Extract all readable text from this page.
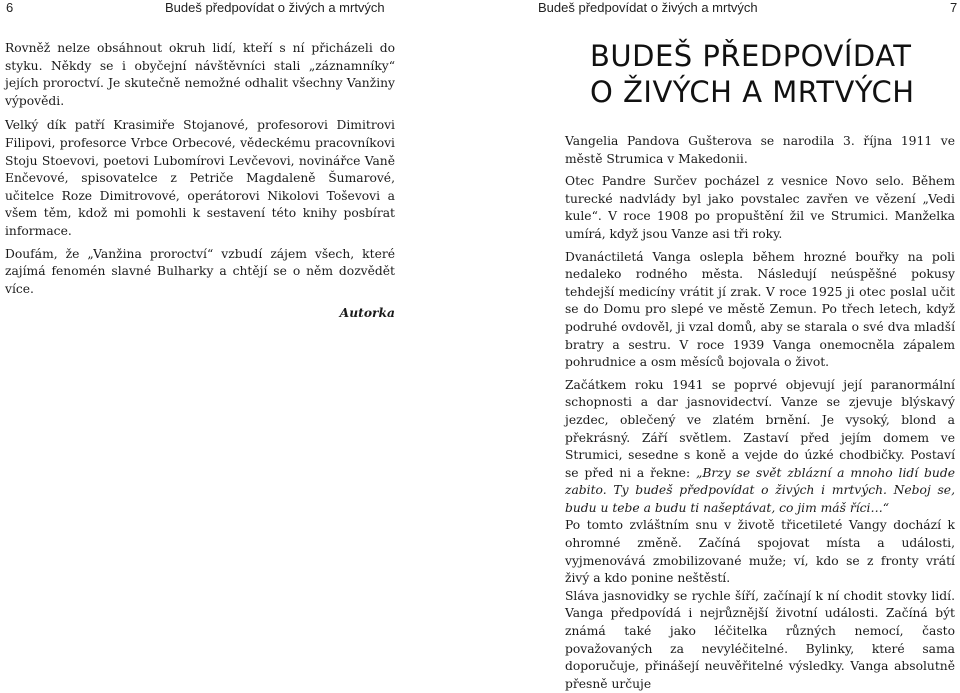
6	Budeš předpovídat o živých a mrtvých

Rovněž nelze obsáhnout okruh lidí, kteří s ní přicházeli do styku. Někdy se i obyčejní návštěvníci stali „záznamníky“ jejích proroctví. Je skutečně nemožné odhalit všechny Vanžiny výpovědi.

Velký dík patří Krasimiře Stojanové, profesorovi Dimitrovi Filipovi, profesorce Vrbce Orbecové, vědeckému pracovníkovi Stoju Stoevovi, poetovi Lubomírovi Levčevovi, novinářce Vaně Enčevové, spisovatelce z Petriče Magdaleně Šumarové, učitelce Roze Dimitrovové, operátorovi Nikolovi Toševovi a všem těm, kdož mi pomohli k sestavení této knihy posbírat informace.

Doufám, že „Vanžina proroctví“ vzbudí zájem všech, které zajímá fenomén slavné Bulharky a chtějí se o něm dozvědět více.

Autorka
Budeš předpovídat o živých a mrtvých	7
BUDEŠ PŘEDPOVÍDAT
O ŽIVÝCH A MRTVÝCH

Vangelia Pandova Gušterova se narodila 3. října 1911 ve městě Strumica v Makedonii.

Otec Pandre Surčev pocházel z vesnice Novo selo. Během turecké nadvlády byl jako povstalec zavřen ve vězení „Vedi kule“. V roce 1908 po propuštění žil ve Strumici. Manželka umírá, když jsou Vanze asi tři roky.

Dvanáctiletá Vanga oslepla během hrozné bouřky na poli nedaleko rodného města. Následují neúspěšné pokusy tehdejší medicíny vrátit jí zrak. V roce 1925 ji otec poslal učit se do Domu pro slepé ve městě Zemun. Po třech letech, když podruhé ovdověl, ji vzal domů, aby se starala o své dva mladší bratry a sestru. V roce 1939 Vanga onemocněla zápalem pohrudnice a osm měsíců bojovala o život.

Začátkem roku 1941 se poprvé objevují její paranormální schopnosti a dar jasnovidectví. Vanze se zjevuje blýskavý jezdec, oblečený ve zlatém brnění. Je vysoký, blond a překrásný. Září světlem. Zastaví před jejím domem ve Strumici, sesedne s koně a vejde do úzké chodbičky. Postaví se před ni a řekne: „Brzy se svět zblázní a mnoho lidí bude zabito. Ty budeš předpovídat o živých i mrtvých. Neboj se, budu u tebe a budu ti našeptávat, co jim máš říci…“

Po tomto zvláštním snu v životě třicetileté Vangy dochází k ohromné změně. Začíná spojovat místa a události, vyjmenovává zmobilizované muže; ví, kdo se z fronty vrátí živý a kdo ponine neštěstí.

Sláva jasnovidky se rychle šíří, začínají k ní chodit stovky lidí. Vanga předpovídá i nejrůznější životní události. Začíná být známá také jako léčitelka různých nemocí, často považovaných za nevyléčitelné. Bylinky, které sama doporučuje, přinášejí neuvěřitelné výsledky. Vanga absolutně přesně určuje
